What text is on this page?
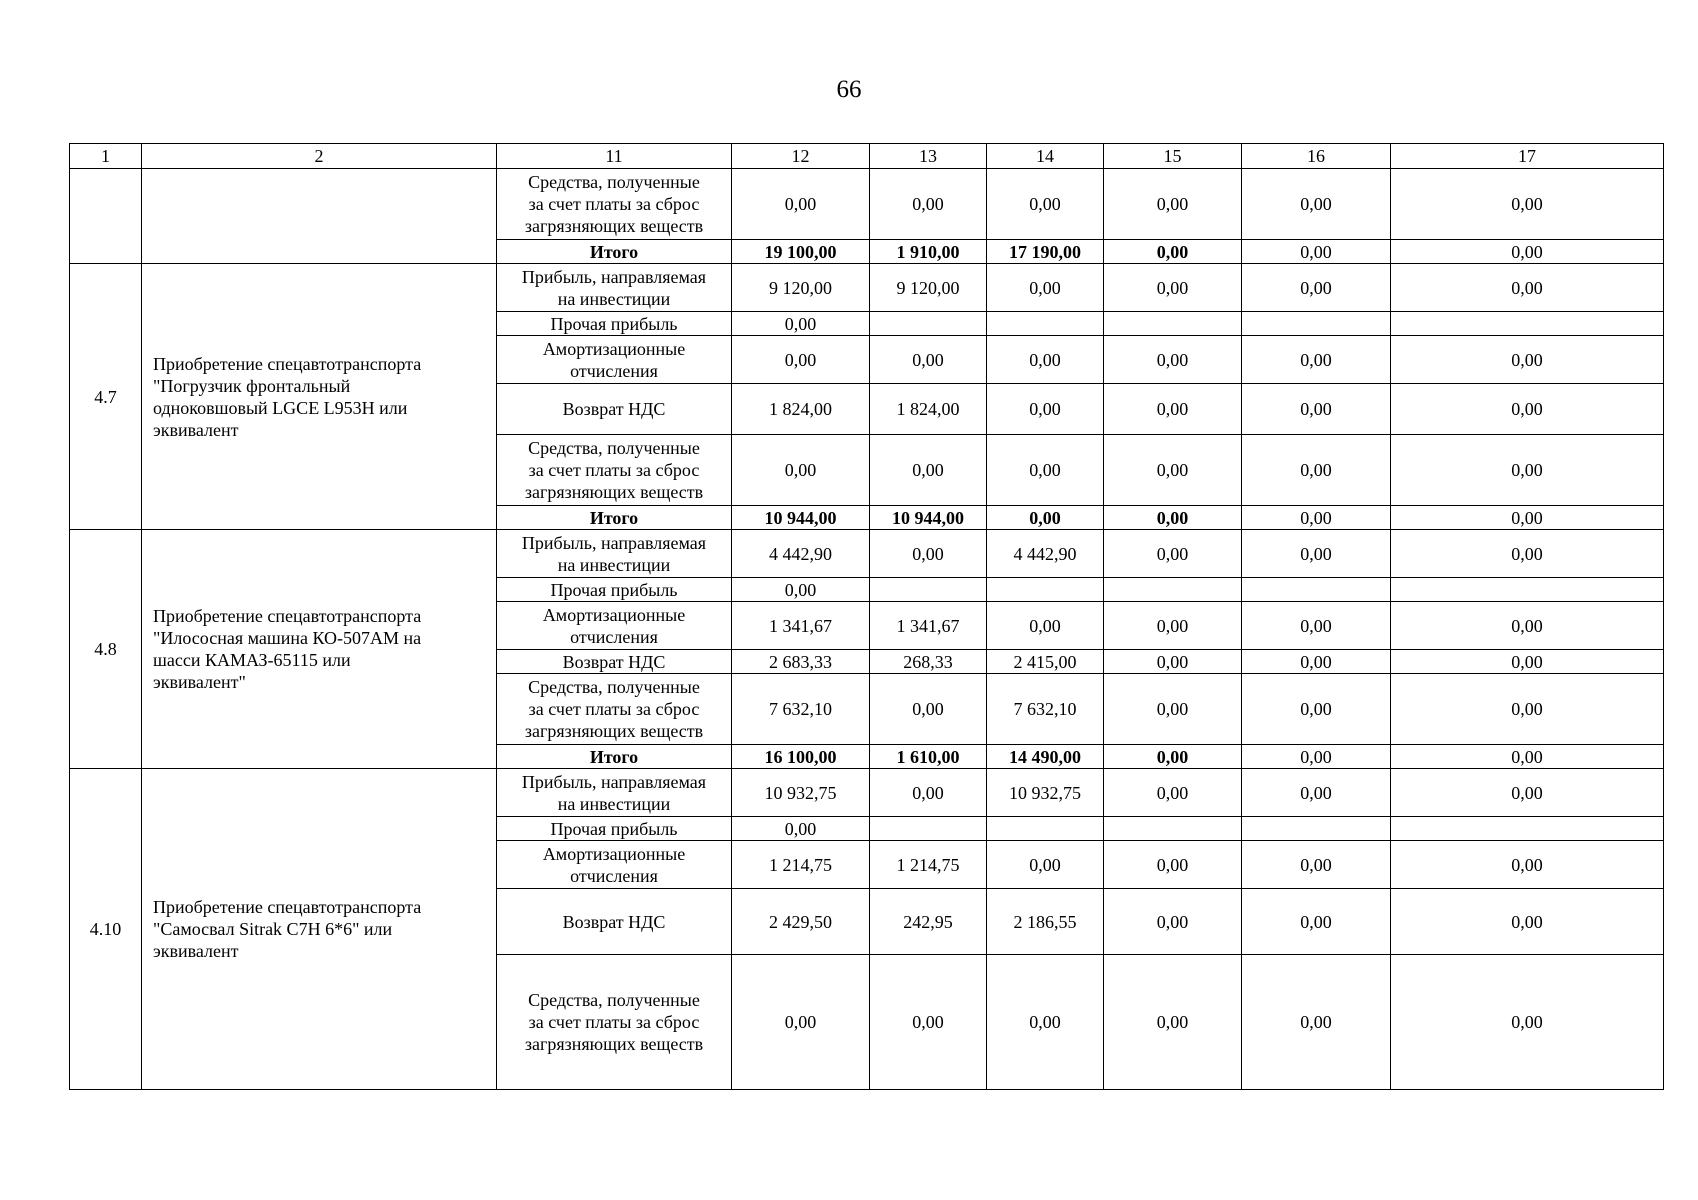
66
1	2	11	12	13	14	15	16	17
		Средства, полученные
за счет платы за сброс
загрязняющих веществ	0,00	0,00	0,00	0,00	0,00	0,00
		Итого	19 100,00	1 910,00	17 190,00	0,00	0,00	0,00
4.7	Приобретение спецавтотранспорта
"Погрузчик фронтальный
одноковшовый LGCE L953H или
эквивалент	Прибыль, направляемая
на инвестиции	9 120,00	9 120,00	0,00	0,00	0,00	0,00
		Прочая прибыль	0,00					
		Амортизационные
отчисления	0,00	0,00	0,00	0,00	0,00	0,00
		Возврат НДС	1 824,00	1 824,00	0,00	0,00	0,00	0,00
		Средства, полученные
за счет платы за сброс
загрязняющих веществ	0,00	0,00	0,00	0,00	0,00	0,00
		Итого	10 944,00	10 944,00	0,00	0,00	0,00	0,00
4.8	Приобретение спецавтотранспорта
"Илососная машина КО-507АМ на
шасси КАМАЗ-65115 или
эквивалент"	Прибыль, направляемая
на инвестиции	4 442,90	0,00	4 442,90	0,00	0,00	0,00
		Прочая прибыль	0,00					
		Амортизационные
отчисления	1 341,67	1 341,67	0,00	0,00	0,00	0,00
		Возврат НДС	2 683,33	268,33	2 415,00	0,00	0,00	0,00
		Средства, полученные
за счет платы за сброс
загрязняющих веществ	7 632,10	0,00	7 632,10	0,00	0,00	0,00
		Итого	16 100,00	1 610,00	14 490,00	0,00	0,00	0,00
4.10	Приобретение спецавтотранспорта
"Самосвал Sitrak C7H 6*6" или
эквивалент	Прибыль, направляемая
на инвестиции	10 932,75	0,00	10 932,75	0,00	0,00	0,00
		Прочая прибыль	0,00					
		Амортизационные
отчисления	1 214,75	1 214,75	0,00	0,00	0,00	0,00
		Возврат НДС	2 429,50	242,95	2 186,55	0,00	0,00	0,00
		Средства, полученные
за счет платы за сброс
загрязняющих веществ	0,00	0,00	0,00	0,00	0,00	0,00
